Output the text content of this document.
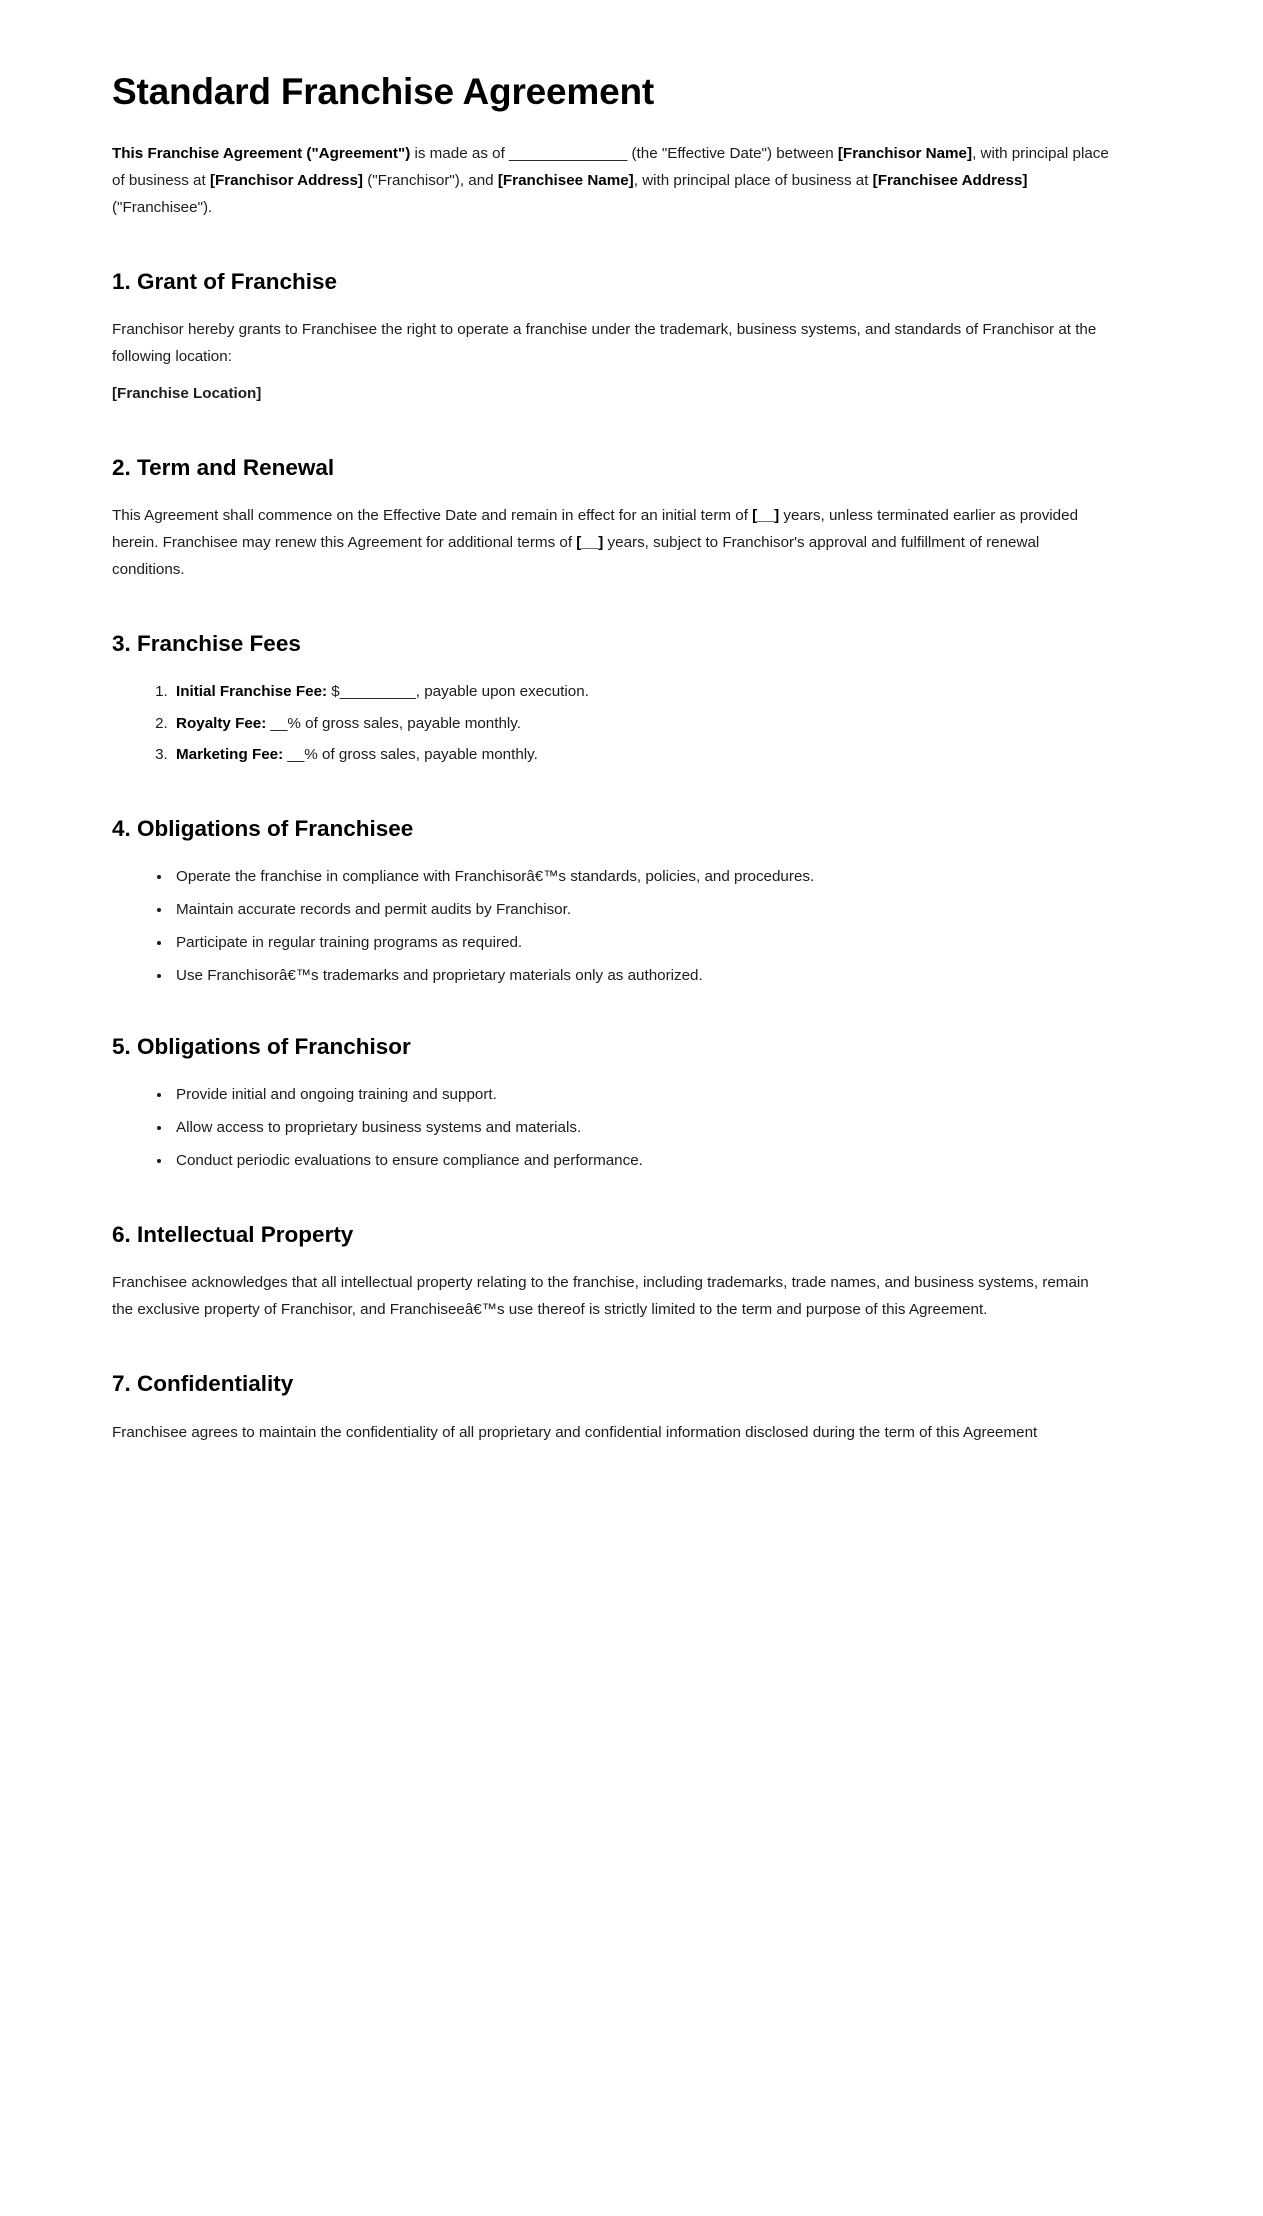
Standard Franchise Agreement

This Franchise Agreement ("Agreement") is made as of ______________ (the "Effective Date") between [Franchisor Name], with principal place of business at [Franchisor Address] ("Franchisor"), and [Franchisee Name], with principal place of business at [Franchisee Address] ("Franchisee").

1. Grant of Franchise

Franchisor hereby grants to Franchisee the right to operate a franchise under the trademark, business systems, and standards of Franchisor at the following location:

[Franchise Location]

2. Term and Renewal

This Agreement shall commence on the Effective Date and remain in effect for an initial term of [__] years, unless terminated earlier as provided herein. Franchisee may renew this Agreement for additional terms of [__] years, subject to Franchisor's approval and fulfillment of renewal conditions.

3. Franchise Fees
1. Initial Franchise Fee: $_________, payable upon execution.
2. Royalty Fee: __% of gross sales, payable monthly.
3. Marketing Fee: __% of gross sales, payable monthly.
4. Obligations of Franchisee
• Operate the franchise in compliance with Franchisorâ€™s standards, policies, and procedures.
• Maintain accurate records and permit audits by Franchisor.
• Participate in regular training programs as required.
• Use Franchisorâ€™s trademarks and proprietary materials only as authorized.
5. Obligations of Franchisor
• Provide initial and ongoing training and support.
• Allow access to proprietary business systems and materials.
• Conduct periodic evaluations to ensure compliance and performance.
6. Intellectual Property

Franchisee acknowledges that all intellectual property relating to the franchise, including trademarks, trade names, and business systems, remain the exclusive property of Franchisor, and Franchiseeâ€™s use thereof is strictly limited to the term and purpose of this Agreement.

7. Confidentiality

Franchisee agrees to maintain the confidentiality of all proprietary and confidential information disclosed during the term of this Agreement
